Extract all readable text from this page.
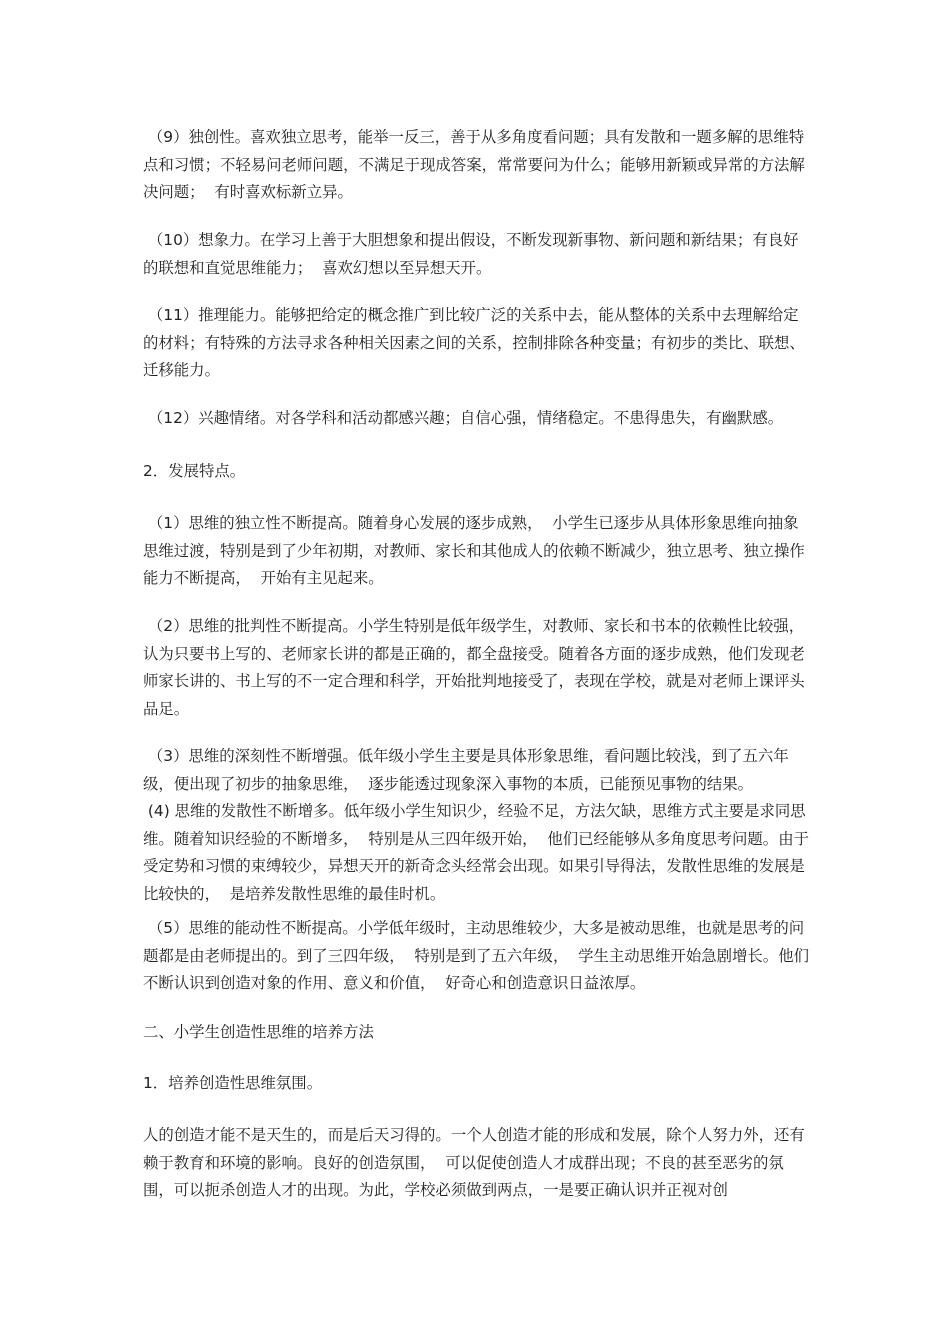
（9）独创性。喜欢独立思考，能举一反三，善于从多角度看问题；具有发散和一题多解的思维特点和习惯；不轻易问老师问题，不满足于现成答案，常常要问为什么；能够用新颖或异常的方法解决问题；  有时喜欢标新立异。

（10）想象力。在学习上善于大胆想象和提出假设，不断发现新事物、新问题和新结果；有良好的联想和直觉思维能力；  喜欢幻想以至异想天开。

（11）推理能力。能够把给定的概念推广到比较广泛的关系中去，能从整体的关系中去理解给定的材料；有特殊的方法寻求各种相关因素之间的关系，控制排除各种变量；有初步的类比、联想、迁移能力。

（12）兴趣情绪。对各学科和活动都感兴趣；自信心强，情绪稳定。不患得患失，有幽默感。

2．发展特点。

（1）思维的独立性不断提高。随着身心发展的逐步成熟，  小学生已逐步从具体形象思维向抽象思维过渡，特别是到了少年初期，对教师、家长和其他成人的依赖不断减少，独立思考、独立操作能力不断提高，  开始有主见起来。

（2）思维的批判性不断提高。小学生特别是低年级学生，对教师、家长和书本的依赖性比较强，认为只要书上写的、老师家长讲的都是正确的，都全盘接受。随着各方面的逐步成熟，他们发现老师家长讲的、书上写的不一定合理和科学，开始批判地接受了，表现在学校，就是对老师上课评头品足。

（3）思维的深刻性不断增强。低年级小学生主要是具体形象思维，看问题比较浅，到了五六年级，便出现了初步的抽象思维，  逐步能透过现象深入事物的本质，已能预见事物的结果。
(4) 思维的发散性不断增多。低年级小学生知识少，经验不足，方法欠缺，思维方式主要是求同思维。随着知识经验的不断增多，  特别是从三四年级开始，  他们已经能够从多角度思考问题。由于受定势和习惯的束缚较少，异想天开的新奇念头经常会出现。如果引导得法，发散性思维的发展是比较快的，  是培养发散性思维的最佳时机。

（5）思维的能动性不断提高。小学低年级时，主动思维较少，大多是被动思维，也就是思考的问题都是由老师提出的。到了三四年级，  特别是到了五六年级，  学生主动思维开始急剧增长。他们不断认识到创造对象的作用、意义和价值，  好奇心和创造意识日益浓厚。

二、小学生创造性思维的培养方法

1．培养创造性思维氛围。

人的创造才能不是天生的，而是后天习得的。一个人创造才能的形成和发展，除个人努力外，还有赖于教育和环境的影响。良好的创造氛围，  可以促使创造人才成群出现；不良的甚至恶劣的氛围，可以扼杀创造人才的出现。为此，学校必须做到两点，一是要正确认识并正视对创
